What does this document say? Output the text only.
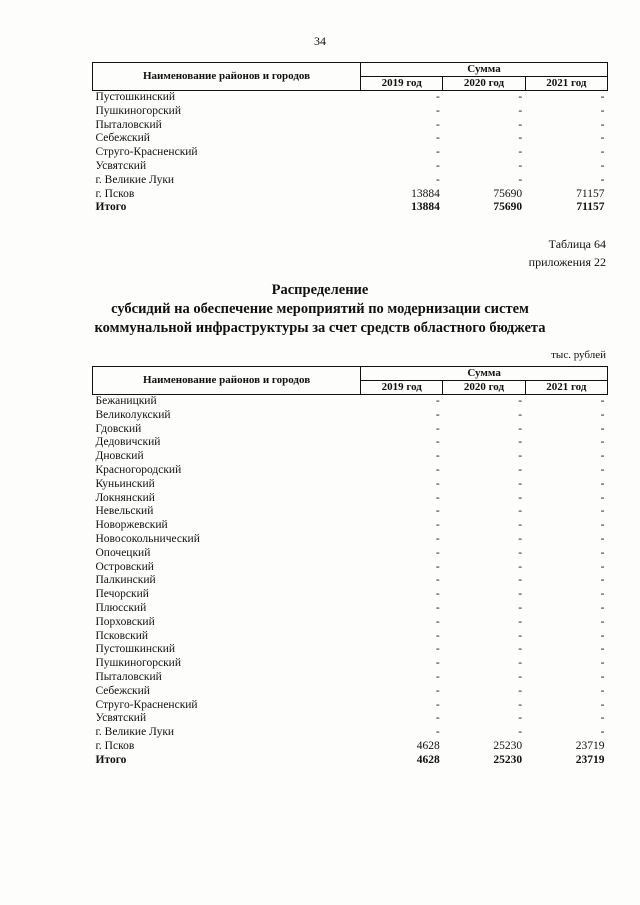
34
Наименование районов и городов	Сумма		
	2019 год	2020 год	2021 год
Пустошкинский	-	-	-
Пушкиногорский	-	-	-
Пыталовский	-	-	-
Себежский	-	-	-
Струго-Красненский	-	-	-
Усвятский	-	-	-
г. Великие Луки	-	-	-
г. Псков	13884	75690	71157
Итого	13884	75690	71157
Таблица 64
приложения 22
Распределение
субсидий на обеспечение мероприятий по модернизации систем
коммунальной инфраструктуры за счет средств областного бюджета
тыс. рублей
Наименование районов и городов	Сумма		
	2019 год	2020 год	2021 год
Бежаницкий	-	-	-
Великолукский	-	-	-
Гдовский	-	-	-
Дедовичский	-	-	-
Дновский	-	-	-
Красногородский	-	-	-
Куньинский	-	-	-
Локнянский	-	-	-
Невельский	-	-	-
Новоржевский	-	-	-
Новосокольнический	-	-	-
Опочецкий	-	-	-
Островский	-	-	-
Палкинский	-	-	-
Печорский	-	-	-
Плюсский	-	-	-
Порховский	-	-	-
Псковский	-	-	-
Пустошкинский	-	-	-
Пушкиногорский	-	-	-
Пыталовский	-	-	-
Себежский	-	-	-
Струго-Красненский	-	-	-
Усвятский	-	-	-
г. Великие Луки	-	-	-
г. Псков	4628	25230	23719
Итого	4628	25230	23719
